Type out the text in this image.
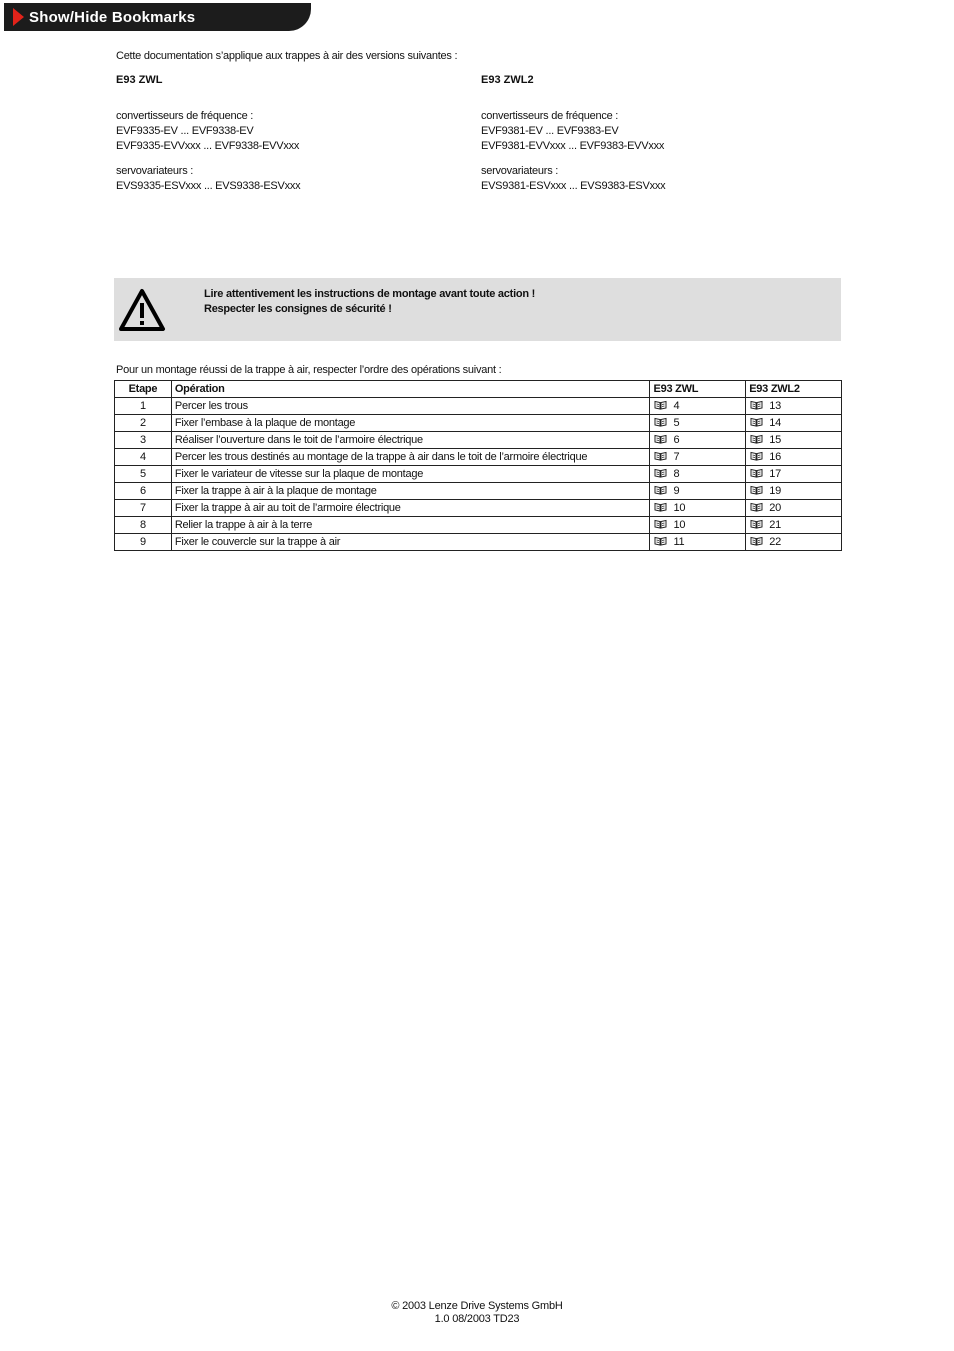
Show/Hide Bookmarks
Cette documentation s’applique aux trappes à air des versions suivantes :
E93 ZWL
convertisseurs de fréquence :
EVF9335-EV ... EVF9338-EV
EVF9335-EVVxxx ... EVF9338-EVVxxx
servovariateurs :
EVS9335-ESVxxx ... EVS9338-ESVxxx
E93 ZWL2
convertisseurs de fréquence :
EVF9381-EV ... EVF9383-EV
EVF9381-EVVxxx ... EVF9383-EVVxxx
servovariateurs :
EVS9381-ESVxxx ... EVS9383-ESVxxx
Lire attentivement les instructions de montage avant toute action !
Respecter les consignes de sécurité !
Pour un montage réussi de la trappe à air, respecter l’ordre des opérations suivant :
Etape	Opération	E93 ZWL	E93 ZWL2
1	Percer les trous	4	13
2	Fixer l’embase à la plaque de montage	5	14
3	Réaliser l’ouverture dans le toit de l’armoire électrique	6	15
4	Percer les trous destinés au montage de la trappe à air dans le toit de l’armoire électrique	7	16
5	Fixer le variateur de vitesse sur la plaque de montage	8	17
6	Fixer la trappe à air à la plaque de montage	9	19
7	Fixer la trappe à air au toit de l’armoire électrique	10	20
8	Relier la trappe à air à la terre	10	21
9	Fixer le couvercle sur la trappe à air	11	22
© 2003 Lenze Drive Systems GmbH
1.0 08/2003 TD23
